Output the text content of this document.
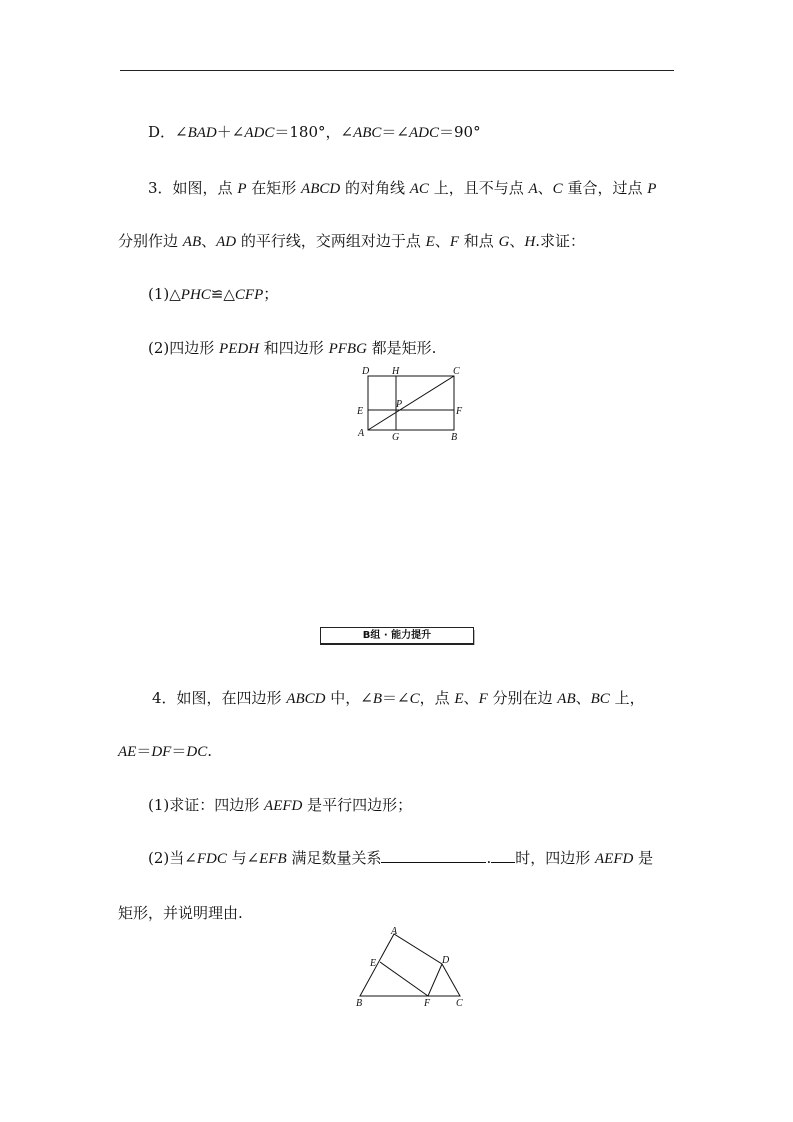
D．∠BAD＋∠ADC＝180°，∠ABC＝∠ADC＝90°
3．如图，点 P 在矩形 ABCD 的对角线 AC 上，且不与点 A、C 重合，过点 P
分别作边 AB、AD 的平行线，交两组对边于点 E、F 和点 G、H.求证：
(1)△PHC≌△CFP；
(2)四边形 PEDH 和四边形 PFBG 都是矩形.
D H	C
E
P
F
A	G	B
B组 · 能力提升
4．如图，在四边形 ABCD 中，∠B＝∠C，点 E、F 分别在边 AB、BC 上，
AE＝DF＝DC.
(1)求证：四边形 AEFD 是平行四边形；
(2)当∠FDC 与∠EFB 满足数量关系	. 时，四边形 AEFD 是
矩形，并说明理由.
A
D
E
B	F	C
